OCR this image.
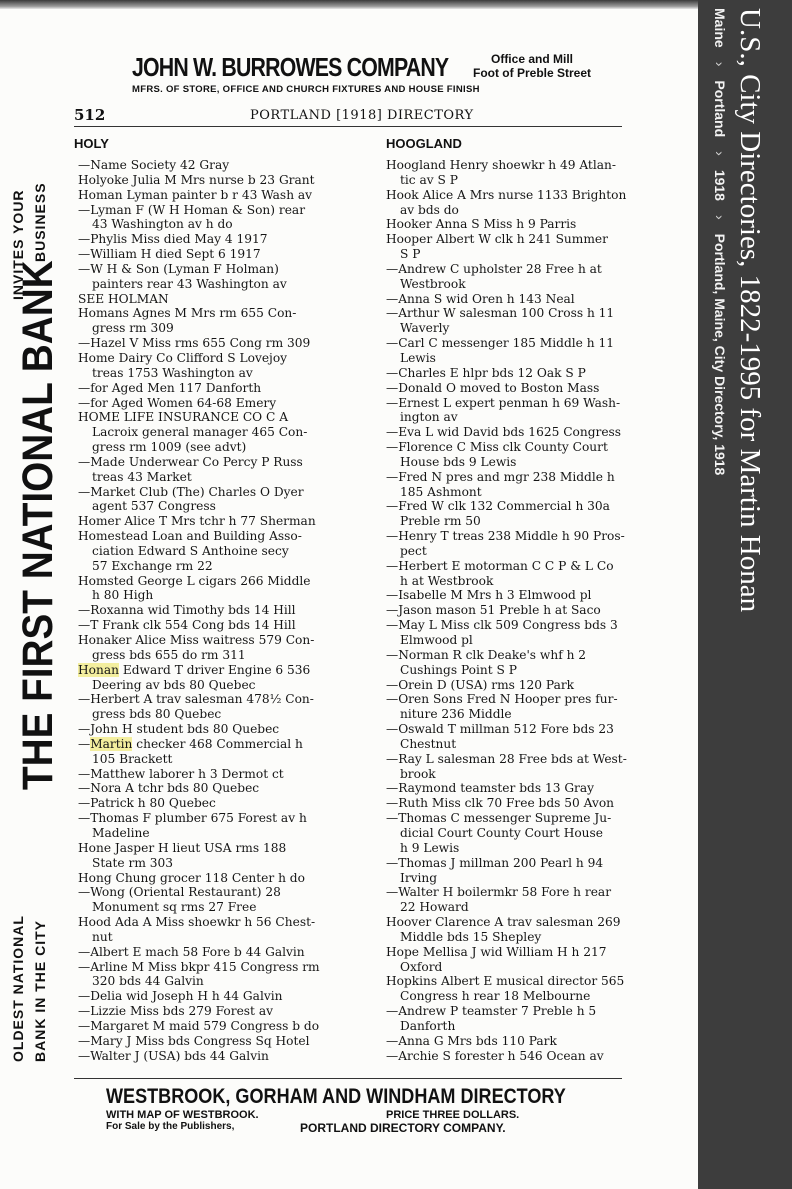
JOHN W. BURROWES COMPANY	Office and Mill
Foot of Preble Street
MFRS. OF STORE, OFFICE AND CHURCH FIXTURES AND HOUSE FINISH
512	PORTLAND [1918] DIRECTORY
HOLY	HOOGLAND
INVITES YOUR BUSINESS
THE FIRST NATIONAL BANK
OLDEST NATIONAL BANK IN THE CITY
—Name Society 42 Gray
Holyoke Julia M Mrs nurse b 23 Grant
Homan Lyman painter b r 43 Wash av
—Lyman F (W H Homan & Son) rear
43 Washington av h do
—Phylis Miss died May 4 1917
—William H died Sept 6 1917
—W H & Son (Lyman F Holman)
painters rear 43 Washington av
SEE HOLMAN
Homans Agnes M Mrs rm 655 Con-
gress rm 309
—Hazel V Miss rms 655 Cong rm 309
Home Dairy Co Clifford S Lovejoy
treas 1753 Washington av
—for Aged Men 117 Danforth
—for Aged Women 64-68 Emery
HOME LIFE INSURANCE CO C A
Lacroix general manager 465 Con-
gress rm 1009 (see advt)
—Made Underwear Co Percy P Russ
treas 43 Market
—Market Club (The) Charles O Dyer
agent 537 Congress
Homer Alice T Mrs tchr h 77 Sherman
Homestead Loan and Building Asso-
ciation Edward S Anthoine secy
57 Exchange rm 22
Homsted George L cigars 266 Middle
h 80 High
—Roxanna wid Timothy bds 14 Hill
—T Frank clk 554 Cong bds 14 Hill
Honaker Alice Miss waitress 579 Con-
gress bds 655 do rm 311
Honan Edward T driver Engine 6 536
Deering av bds 80 Quebec
—Herbert A trav salesman 478½ Con-
gress bds 80 Quebec
—John H student bds 80 Quebec
—Martin checker 468 Commercial h
105 Brackett
—Matthew laborer h 3 Dermot ct
—Nora A tchr bds 80 Quebec
—Patrick h 80 Quebec
—Thomas F plumber 675 Forest av h
Madeline
Hone Jasper H lieut USA rms 188
State rm 303
Hong Chung grocer 118 Center h do
—Wong (Oriental Restaurant) 28
Monument sq rms 27 Free
Hood Ada A Miss shoewkr h 56 Chest-
nut
—Albert E mach 58 Fore b 44 Galvin
—Arline M Miss bkpr 415 Congress rm
320 bds 44 Galvin
—Delia wid Joseph H h 44 Galvin
—Lizzie Miss bds 279 Forest av
—Margaret M maid 579 Congress b do
—Mary J Miss bds Congress Sq Hotel
—Walter J (USA) bds 44 Galvin
Hoogland Henry shoewkr h 49 Atlan-
tic av S P
Hook Alice A Mrs nurse 1133 Brighton
av bds do
Hooker Anna S Miss h 9 Parris
Hooper Albert W clk h 241 Summer
S P
—Andrew C upholster 28 Free h at
Westbrook
—Anna S wid Oren h 143 Neal
—Arthur W salesman 100 Cross h 11
Waverly
—Carl C messenger 185 Middle h 11
Lewis
—Charles E hlpr bds 12 Oak S P
—Donald O moved to Boston Mass
—Ernest L expert penman h 69 Wash-
ington av
—Eva L wid David bds 1625 Congress
—Florence C Miss clk County Court
House bds 9 Lewis
—Fred N pres and mgr 238 Middle h
185 Ashmont
—Fred W clk 132 Commercial h 30a
Preble rm 50
—Henry T treas 238 Middle h 90 Pros-
pect
—Herbert E motorman C C P & L Co
h at Westbrook
—Isabelle M Mrs h 3 Elmwood pl
—Jason mason 51 Preble h at Saco
—May L Miss clk 509 Congress bds 3
Elmwood pl
—Norman R clk Deake's whf h 2
Cushings Point S P
—Orein D (USA) rms 120 Park
—Oren Sons Fred N Hooper pres fur-
niture 236 Middle
—Oswald T millman 512 Fore bds 23
Chestnut
—Ray L salesman 28 Free bds at West-
brook
—Raymond teamster bds 13 Gray
—Ruth Miss clk 70 Free bds 50 Avon
—Thomas C messenger Supreme Ju-
dicial Court County Court House
h 9 Lewis
—Thomas J millman 200 Pearl h 94
Irving
—Walter H boilermkr 58 Fore h rear
22 Howard
Hoover Clarence A trav salesman 269
Middle bds 15 Shepley
Hope Mellisa J wid William H h 217
Oxford
Hopkins Albert E musical director 565
Congress h rear 18 Melbourne
—Andrew P teamster 7 Preble h 5
Danforth
—Anna G Mrs bds 110 Park
—Archie S forester h 546 Ocean av
WESTBROOK, GORHAM AND WINDHAM DIRECTORY
WITH MAP OF WESTBROOK.
For Sale by the Publishers,
PRICE THREE DOLLARS.
PORTLAND DIRECTORY COMPANY.
U.S., City Directories, 1822-1995 for Martin Honan
Maine›Portland›1918›Portland, Maine, City Directory, 1918
